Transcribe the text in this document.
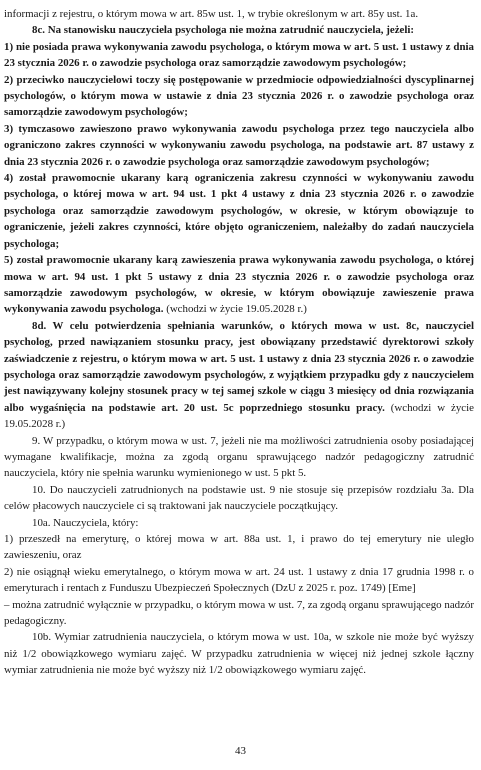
informacji z rejestru, o którym mowa w art. 85w ust. 1, w trybie określonym w art. 85y ust. 1a.

8c. Na stanowisku nauczyciela psychologa nie można zatrudnić nauczyciela, jeżeli:

1) nie posiada prawa wykonywania zawodu psychologa, o którym mowa w art. 5 ust. 1 ustawy z dnia 23 stycznia 2026 r. o zawodzie psychologa oraz samorządzie zawodowym psychologów;

2) przeciwko nauczycielowi toczy się postępowanie w przedmiocie odpowiedzialności dyscyplinarnej psychologów, o którym mowa w ustawie z dnia 23 stycznia 2026 r. o zawodzie psychologa oraz samorządzie zawodowym psychologów;

3) tymczasowo zawieszono prawo wykonywania zawodu psychologa przez tego nauczyciela albo ograniczono zakres czynności w wykonywaniu zawodu psychologa, na podstawie art. 87 ustawy z dnia 23 stycznia 2026 r. o zawodzie psychologa oraz samorządzie zawodowym psychologów;

4) został prawomocnie ukarany karą ograniczenia zakresu czynności w wykonywaniu zawodu psychologa, o której mowa w art. 94 ust. 1 pkt 4 ustawy z dnia 23 stycznia 2026 r. o zawodzie psychologa oraz samorządzie zawodowym psychologów, w okresie, w którym obowiązuje to ograniczenie, jeżeli zakres czynności, które objęto ograniczeniem, należałby do zadań nauczyciela psychologa;

5) został prawomocnie ukarany karą zawieszenia prawa wykonywania zawodu psychologa, o której mowa w art. 94 ust. 1 pkt 5 ustawy z dnia 23 stycznia 2026 r. o zawodzie psychologa oraz samorządzie zawodowym psychologów, w okresie, w którym obowiązuje zawieszenie prawa wykonywania zawodu psychologa. (wchodzi w życie 19.05.2028 r.)

8d. W celu potwierdzenia spełniania warunków, o których mowa w ust. 8c, nauczyciel psycholog, przed nawiązaniem stosunku pracy, jest obowiązany przedstawić dyrektorowi szkoły zaświadczenie z rejestru, o którym mowa w art. 5 ust. 1 ustawy z dnia 23 stycznia 2026 r. o zawodzie psychologa oraz samorządzie zawodowym psychologów, z wyjątkiem przypadku gdy z nauczycielem jest nawiązywany kolejny stosunek pracy w tej samej szkole w ciągu 3 miesięcy od dnia rozwiązania albo wygaśnięcia na podstawie art. 20 ust. 5c poprzedniego stosunku pracy. (wchodzi w życie 19.05.2028 r.)

9. W przypadku, o którym mowa w ust. 7, jeżeli nie ma możliwości zatrudnienia osoby posiadającej wymagane kwalifikacje, można za zgodą organu sprawującego nadzór pedagogiczny zatrudnić nauczyciela, który nie spełnia warunku wymienionego w ust. 5 pkt 5.

10. Do nauczycieli zatrudnionych na podstawie ust. 9 nie stosuje się przepisów rozdziału 3a. Dla celów płacowych nauczyciele ci są traktowani jak nauczyciele początkujący.

10a. Nauczyciela, który:

1) przeszedł na emeryturę, o której mowa w art. 88a ust. 1, i prawo do tej emerytury nie uległo zawieszeniu, oraz

2) nie osiągnął wieku emerytalnego, o którym mowa w art. 24 ust. 1 ustawy z dnia 17 grudnia 1998 r. o emeryturach i rentach z Funduszu Ubezpieczeń Społecznych (DzU z 2025 r. poz. 1749) [Eme]

– można zatrudnić wyłącznie w przypadku, o którym mowa w ust. 7, za zgodą organu sprawującego nadzór pedagogiczny.

10b. Wymiar zatrudnienia nauczyciela, o którym mowa w ust. 10a, w szkole nie może być wyższy niż 1/2 obowiązkowego wymiaru zajęć. W przypadku zatrudnienia w więcej niż jednej szkole łączny wymiar zatrudnienia nie może być wyższy niż 1/2 obowiązkowego wymiaru zajęć.

43
